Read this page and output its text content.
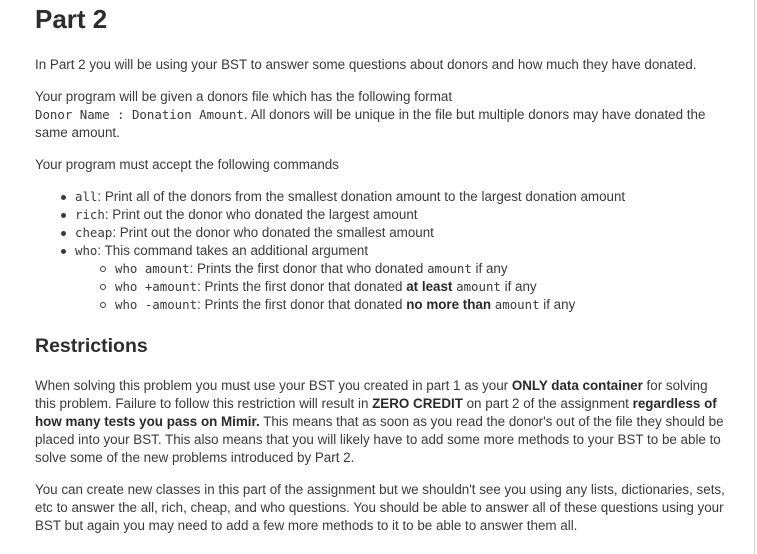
Part 2

In Part 2 you will be using your BST to answer some questions about donors and how much they have donated.

Your program will be given a donors file which has the following format
Donor Name : Donation Amount. All donors will be unique in the file but multiple donors may have donated the same amount.

Your program must accept the following commands

all: Print all of the donors from the smallest donation amount to the largest donation amount
rich: Print out the donor who donated the largest amount
cheap: Print out the donor who donated the smallest amount
who: This command takes an additional argument
who amount: Prints the first donor that who donated amount if any
who +amount: Prints the first donor that donated at least amount if any
who -amount: Prints the first donor that donated no more than amount if any
Restrictions

When solving this problem you must use your BST you created in part 1 as your ONLY data container for solving this problem. Failure to follow this restriction will result in ZERO CREDIT on part 2 of the assignment regardless of how many tests you pass on Mimir. This means that as soon as you read the donor's out of the file they should be placed into your BST. This also means that you will likely have to add some more methods to your BST to be able to solve some of the new problems introduced by Part 2.

You can create new classes in this part of the assignment but we shouldn't see you using any lists, dictionaries, sets, etc to answer the all, rich, cheap, and who questions. You should be able to answer all of these questions using your BST but again you may need to add a few more methods to it to be able to answer them all.
